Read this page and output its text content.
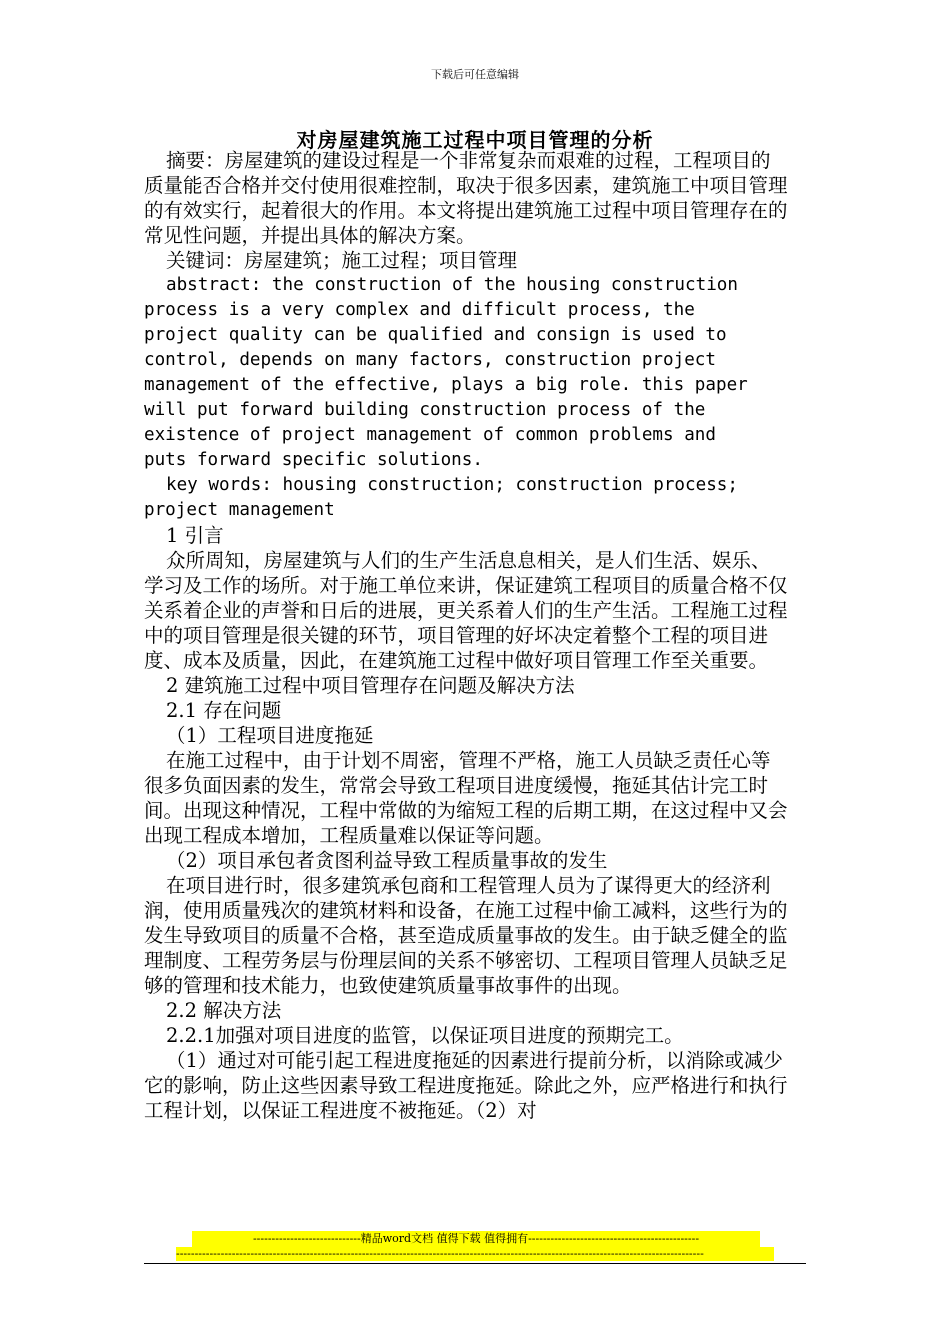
下载后可任意编辑
对房屋建筑施工过程中项目管理的分析

摘要：房屋建筑的建设过程是一个非常复杂而艰难的过程，工程项目的质量能否合格并交付使用很难控制，取决于很多因素，建筑施工中项目管理的有效实行，起着很大的作用。本文将提出建筑施工过程中项目管理存在的常见性问题，并提出具体的解决方案。

关键词：房屋建筑；施工过程；项目管理

abstract: the construction of the housing construction
process is a very complex and difficult process, the
project quality can be qualified and consign is used to
control, depends on many factors, construction project
management of the effective, plays a big role. this paper
will put forward building construction process of the
existence of project management of common problems and
puts forward specific solutions.

key words: housing construction; construction process;
project management

1 引言

众所周知，房屋建筑与人们的生产生活息息相关，是人们生活、娱乐、学习及工作的场所。对于施工单位来讲，保证建筑工程项目的质量合格不仅关系着企业的声誉和日后的进展，更关系着人们的生产生活。工程施工过程中的项目管理是很关键的环节，项目管理的好坏决定着整个工程的项目进度、成本及质量，因此，在建筑施工过程中做好项目管理工作至关重要。

2 建筑施工过程中项目管理存在问题及解决方法

2.1 存在问题

（1）工程项目进度拖延

在施工过程中，由于计划不周密，管理不严格，施工人员缺乏责任心等很多负面因素的发生，常常会导致工程项目进度缓慢，拖延其估计完工时间。出现这种情况，工程中常做的为缩短工程的后期工期，在这过程中又会出现工程成本增加，工程质量难以保证等问题。

（2）项目承包者贪图利益导致工程质量事故的发生

在项目进行时，很多建筑承包商和工程管理人员为了谋得更大的经济利润，使用质量残次的建筑材料和设备，在施工过程中偷工减料，这些行为的发生导致项目的质量不合格，甚至造成质量事故的发生。由于缺乏健全的监理制度、工程劳务层与份理层间的关系不够密切、工程项目管理人员缺乏足够的管理和技术能力，也致使建筑质量事故事件的出现。

2.2 解决方法

2.2.1加强对项目进度的监管，以保证项目进度的预期完工。

（1）通过对可能引起工程进度拖延的因素进行提前分析，以消除或减少它的影响，防止这些因素导致工程进度拖延。除此之外，应严格进行和执行工程计划，以保证工程进度不被拖延。（2）对

-----------------------------精品word文档 值得下载 值得拥有----------------------------------------------
----------------------------------------------------------------------------------------------------------------------------------------------
